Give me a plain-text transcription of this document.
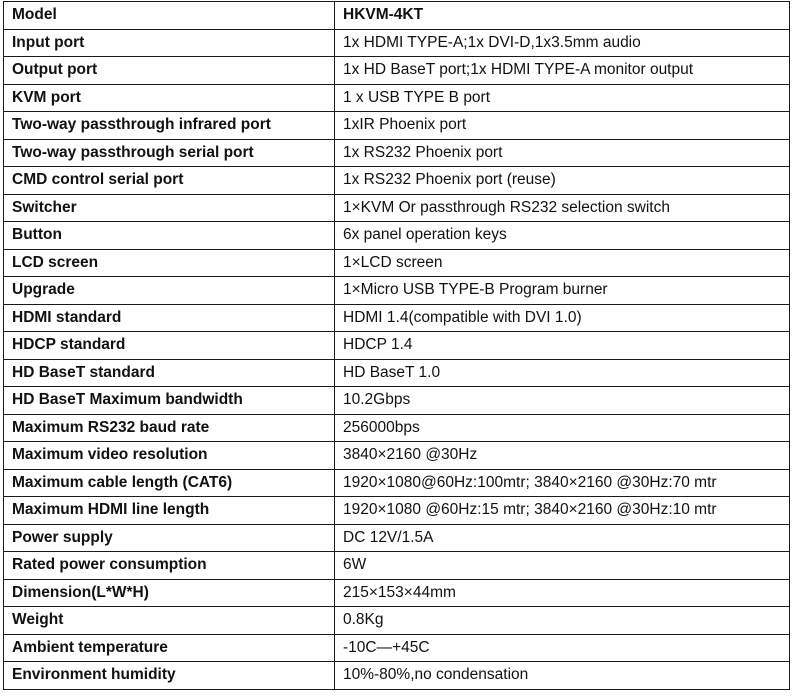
Model	HKVM-4KT
Input port	1x HDMI TYPE-A;1x DVI-D,1x3.5mm audio
Output port	1x HD BaseT port;1x HDMI TYPE-A monitor output
KVM port	1 x USB TYPE B port
Two-way passthrough infrared port	1xIR Phoenix port
Two-way passthrough serial port	1x RS232 Phoenix port
CMD control serial port	1x RS232 Phoenix port (reuse)
Switcher	1×KVM Or passthrough RS232 selection switch
Button	6x panel operation keys
LCD screen	1×LCD screen
Upgrade	1×Micro USB TYPE-B Program burner
HDMI standard	HDMI 1.4(compatible with DVI 1.0)
HDCP standard	HDCP 1.4
HD BaseT standard	HD BaseT 1.0
HD BaseT Maximum bandwidth	10.2Gbps
Maximum RS232 baud rate	256000bps
Maximum video resolution	3840×2160 @30Hz
Maximum cable length (CAT6)	1920×1080@60Hz:100mtr; 3840×2160 @30Hz:70 mtr
Maximum HDMI line length	1920×1080 @60Hz:15 mtr; 3840×2160 @30Hz:10 mtr
Power supply	DC 12V/1.5A
Rated power consumption	6W
Dimension(L*W*H)	215×153×44mm
Weight	0.8Kg
Ambient temperature	-10C—+45C
Environment humidity	10%-80%,no condensation
